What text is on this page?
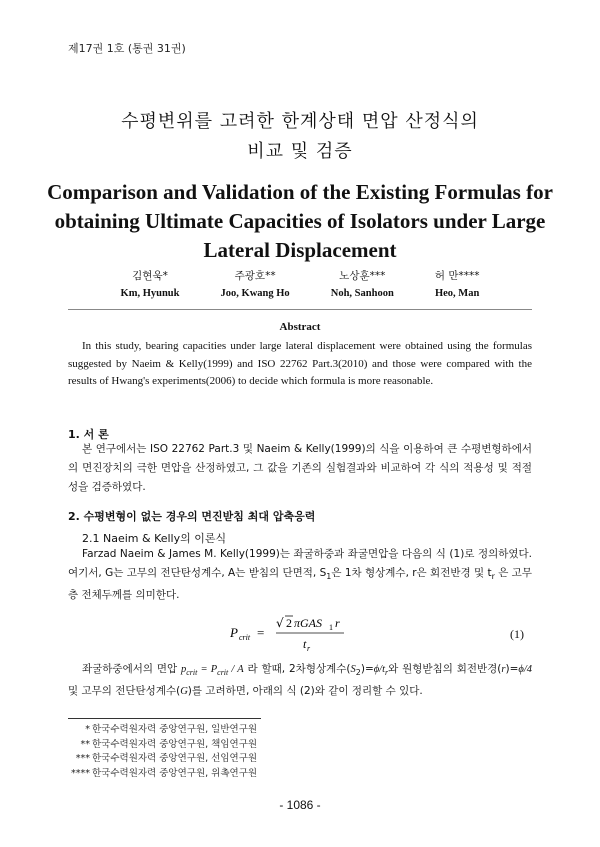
제17권 1호 (통권 31권)
수평변위를 고려한 한계상태 면압 산정식의
비교 및 검증
Comparison and Validation of the Existing Formulas for
obtaining Ultimate Capacities of Isolators under Large
Lateral Displacement
김현욱*
Km, Hyunuk
주광호**
Joo, Kwang Ho
노상훈***
Noh, Sanhoon
허 만****
Heo, Man
Abstract
In this study, bearing capacities under large lateral displacement were obtained using the formulas suggested by Naeim & Kelly(1999) and ISO 22762 Part.3(2010) and those were compared with the results of Hwang's experiments(2006) to decide which formula is more reasonable.
1. 서 론

본 연구에서는 ISO 22762 Part.3 및 Naeim & Kelly(1999)의 식을 이용하여 큰 수평변형하에서의 면진장치의 극한 면압을 산정하였고, 그 값을 기존의 실험결과와 비교하여 각 식의 적용성 및 적절성을 검증하였다.

2. 수평변형이 없는 경우의 면진받침 최대 압축응력
2.1 Naeim & Kelly의 이론식

Farzad Naeim & James M. Kelly(1999)는 좌굴하중과 좌굴면압을 다음의 식 (1)로 정의하였다. 여기서, G는 고무의 전단탄성계수, A는 받침의 단면적, $S_1$은 1차 형상계수, r은 회전반경 및 $t_r$ 은 고무층 전체두께를 의미한다.

P crit =
√ 2 πGAS 1 r
t r
(1)

좌굴하중에서의 면압 $p_{crit} = P_{crit} / A$ 라 할때, 2차형상계수$(S_2)=\phi/t_r$와 원형받침의 회전반경(r)=ϕ/4 및 고무의 전단탄성계수(G)를 고려하면, 아래의 식 (2)와 같이 정리할 수 있다.

* 한국수력원자력 중앙연구원, 일반연구원
** 한국수력원자력 중앙연구원, 책임연구원
*** 한국수력원자력 중앙연구원, 선임연구원
**** 한국수력원자력 중앙연구원, 위촉연구원
- 1086 -
